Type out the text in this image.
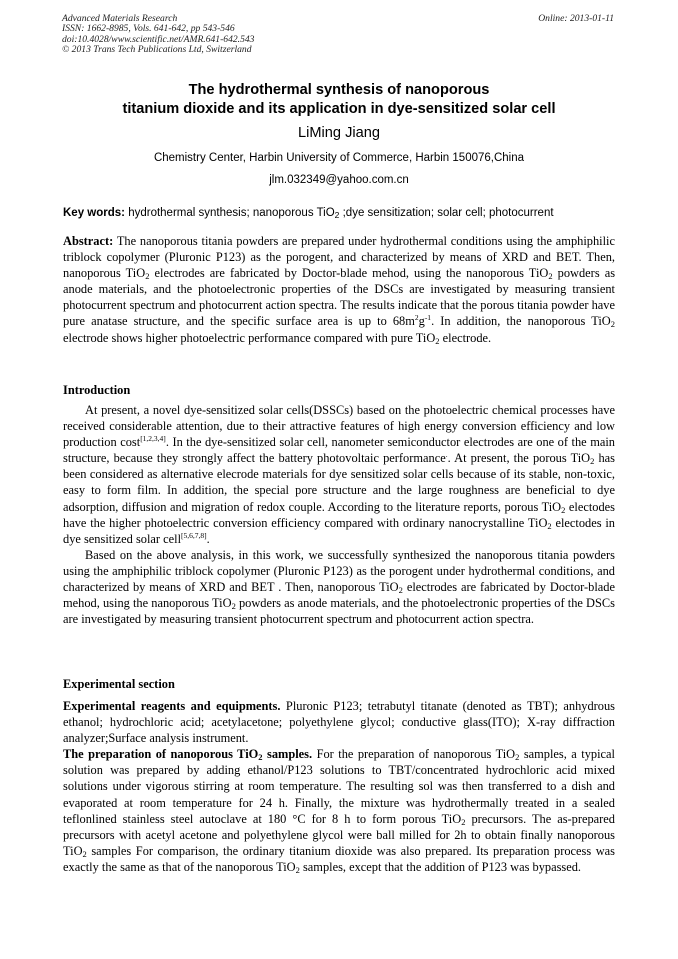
Advanced Materials Research
ISSN: 1662-8985, Vols. 641-642, pp 543-546
doi:10.4028/www.scientific.net/AMR.641-642.543
© 2013 Trans Tech Publications Ltd, Switzerland
Online: 2013-01-11
The hydrothermal synthesis of nanoporous
titanium dioxide and its application in dye-sensitized solar cell
LiMing Jiang
Chemistry Center, Harbin University of Commerce, Harbin 150076,China
jlm.032349@yahoo.com.cn
Key words: hydrothermal synthesis; nanoporous TiO$_2$ ;dye sensitization; solar cell; photocurrent
Abstract: The nanoporous titania powders are prepared under hydrothermal conditions using the amphiphilic triblock copolymer (Pluronic P123) as the porogent, and characterized by means of XRD and BET. Then, nanoporous TiO$_2$ electrodes are fabricated by Doctor-blade mehod, using the nanoporous TiO$_2$ powders as anode materials, and the photoelectronic properties of the DSCs are investigated by measuring transient photocurrent spectrum and photocurrent action spectra. The results indicate that the porous titania powder have pure anatase structure, and the specific surface area is up to $68m^2g^{-1}$. In addition, the nanoporous TiO$_2$ electrode shows higher photoelectric performance compared with pure TiO$_2$ electrode.
Introduction

At present, a novel dye-sensitized solar cells(DSSCs) based on the photoelectric chemical processes have received considerable attention, due to their attractive features of high energy conversion efficiency and low production cost[1,2,3,4]. In the dye-sensitized solar cell, nanometer semiconductor electrodes are one of the main structure, because they strongly affect the battery photovoltaic performance.. At present, the porous TiO$_2$ has been considered as alternative elecrode materials for dye sensitized solar cells because of its stable, non-toxic, easy to form film. In addition, the special pore structure and the large roughness are beneficial to dye adsorption, diffusion and migration of redox couple. According to the literature reports, porous TiO$_2$ electodes have the higher photoelectric conversion efficiency compared with ordinary nanocrystalline TiO$_2$ electodes in dye sensitized solar cell[5,6,7,8].

Based on the above analysis, in this work, we successfully synthesized the nanoporous titania powders using the amphiphilic triblock copolymer (Pluronic P123) as the porogent under hydrothermal conditions, and characterized by means of XRD and BET . Then, nanoporous TiO$_2$ electrodes are fabricated by Doctor-blade mehod, using the nanoporous TiO$_2$ powders as anode materials, and the photoelectronic properties of the DSCs are investigated by measuring transient photocurrent spectrum and photocurrent action spectra.

Experimental section

Experimental reagents and equipments. Pluronic P123; tetrabutyl titanate (denoted as TBT); anhydrous ethanol; hydrochloric acid; acetylacetone; polyethylene glycol; conductive glass(ITO); X-ray diffraction analyzer;Surface analysis instrument.

The preparation of nanoporous TiO$_2$ samples. For the preparation of nanoporous TiO$_2$ samples, a typical solution was prepared by adding ethanol/P123 solutions to TBT/concentrated hydrochloric acid mixed solutions under vigorous stirring at room temperature. The resulting sol was then transferred to a dish and evaporated at room temperature for 24 h. Finally, the mixture was hydrothermally treated in a sealed teflonlined stainless steel autoclave at 180 °C for 8 h to form porous TiO$_2$ precursors. The as-prepared precursors with acetyl acetone and polyethylene glycol were ball milled for 2h to obtain finally nanoporous TiO$_2$ samples For comparison, the ordinary titanium dioxide was also prepared. Its preparation process was exactly the same as that of the nanoporous TiO$_2$ samples, except that the addition of P123 was bypassed.
